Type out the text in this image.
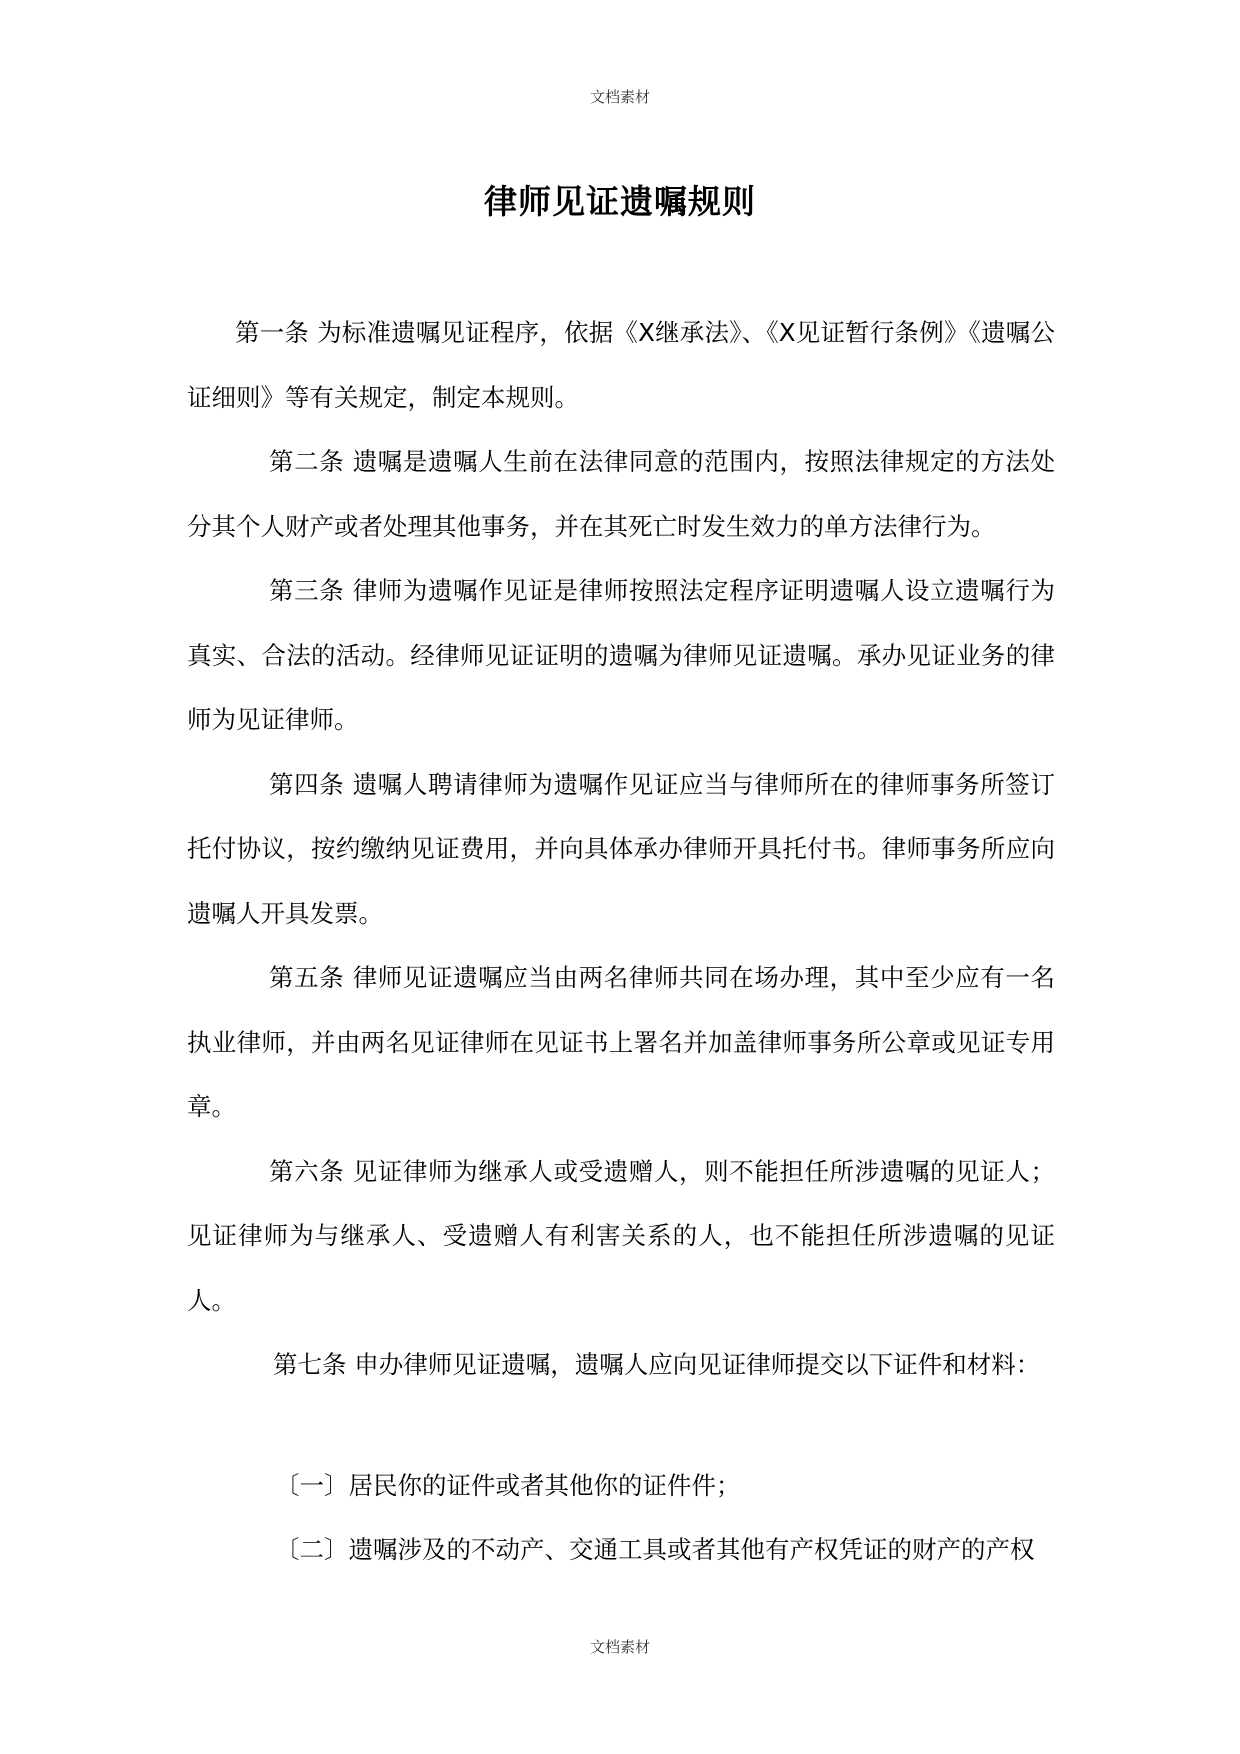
文档素材
律师见证遗嘱规则

第一条 为标准遗嘱见证程序，依据《X继承法》、《X见证暂行条例》《遗嘱公证细则》等有关规定，制定本规则。

第二条 遗嘱是遗嘱人生前在法律同意的范围内，按照法律规定的方法处分其个人财产或者处理其他事务，并在其死亡时发生效力的单方法律行为。

第三条 律师为遗嘱作见证是律师按照法定程序证明遗嘱人设立遗嘱行为真实、合法的活动。经律师见证证明的遗嘱为律师见证遗嘱。承办见证业务的律师为见证律师。

第四条 遗嘱人聘请律师为遗嘱作见证应当与律师所在的律师事务所签订托付协议，按约缴纳见证费用，并向具体承办律师开具托付书。律师事务所应向遗嘱人开具发票。

第五条 律师见证遗嘱应当由两名律师共同在场办理，其中至少应有一名执业律师，并由两名见证律师在见证书上署名并加盖律师事务所公章或见证专用章。

第六条 见证律师为继承人或受遗赠人，则不能担任所涉遗嘱的见证人；见证律师为与继承人、受遗赠人有利害关系的人，也不能担任所涉遗嘱的见证人。

第七条 申办律师见证遗嘱，遗嘱人应向见证律师提交以下证件和材料：

〔一〕居民你的证件或者其他你的证件件；

〔二〕遗嘱涉及的不动产、交通工具或者其他有产权凭证的财产的产权

文档素材
